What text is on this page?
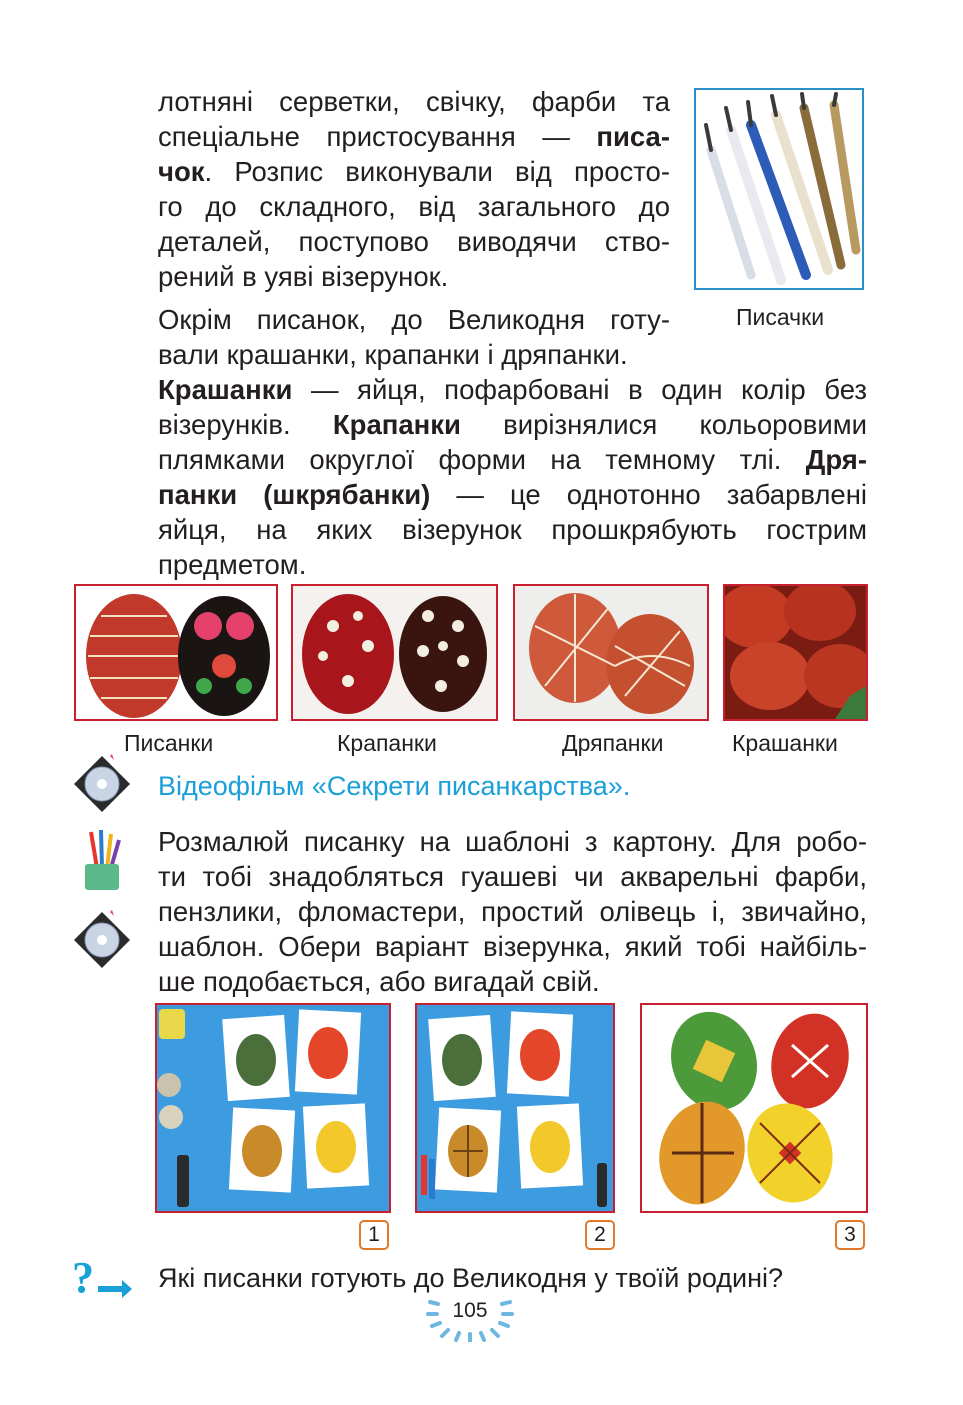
лотняні серветки, свічку, фарби та
спеціальне пристосування — писа-
чок. Розпис виконували від просто-
го до складного, від загального до
деталей, поступово виводячи ство-
рений в уяві візерунок.
Писачки
Окрім писанок, до Великодня готу-
вали крашанки, крапанки і дряпанки.
Крашанки — яйця, пофарбовані в один колір без
візерунків. Крапанки вирізнялися кольоровими
плямками округлої форми на темному тлі. Дря-
панки (шкрябанки) — це однотонно забарвлені
яйця, на яких візерунок прошкрябують гострим
предметом.
Писанки	Крапанки	Дряпанки	Крашанки
Відеофільм «Секрети писанкарства».
Розмалюй писанку на шаблоні з картону. Для робо-
ти тобі знадобляться гуашеві чи акварельні фарби,
пензлики, фломастери, простий олівець і, звичайно,
шаблон. Обери варіант візерунка, який тобі найбіль-
ше подобається, або вигадай свій.
1	2	3
? Які писанки готують до Великодня у твоїй родині?
105
